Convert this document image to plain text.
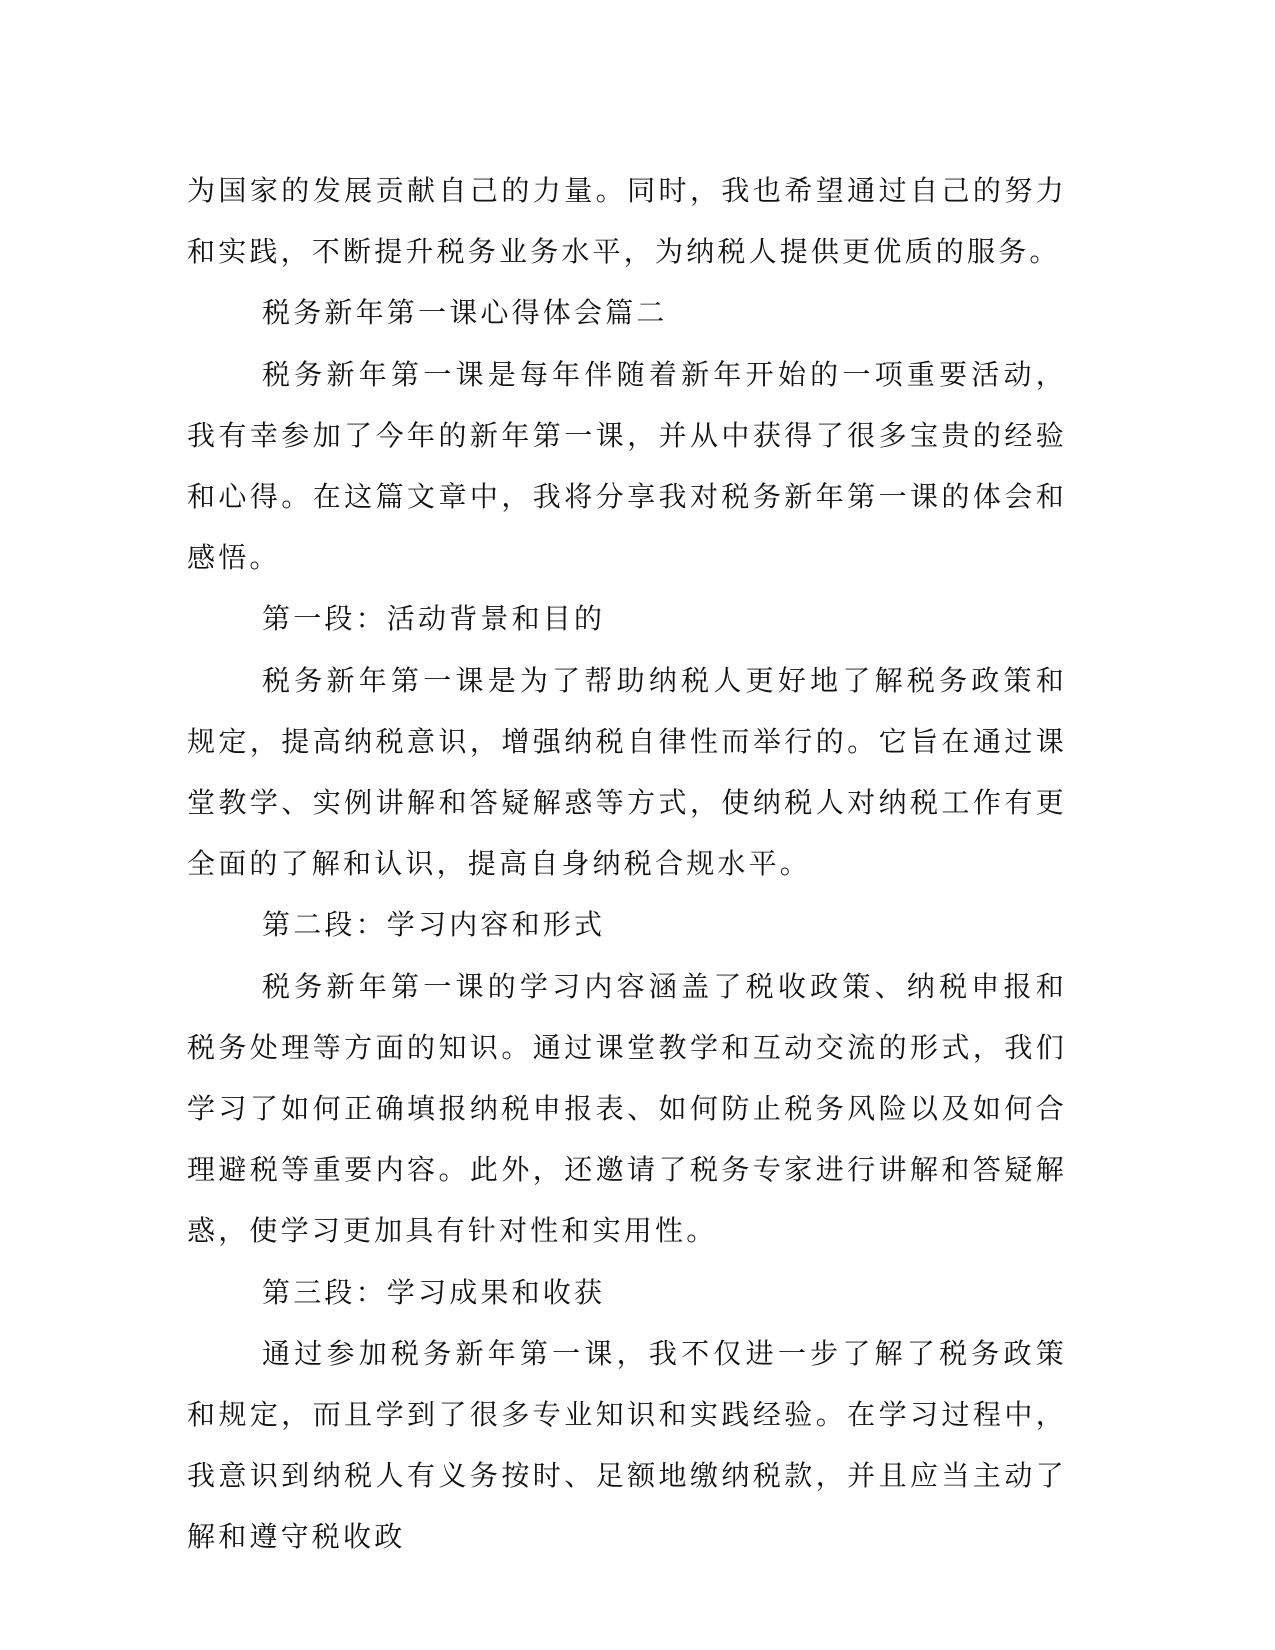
为国家的发展贡献自己的力量。同时，我也希望通过自己的努力和实践，不断提升税务业务水平，为纳税人提供更优质的服务。

税务新年第一课心得体会篇二

税务新年第一课是每年伴随着新年开始的一项重要活动，我有幸参加了今年的新年第一课，并从中获得了很多宝贵的经验和心得。在这篇文章中，我将分享我对税务新年第一课的体会和感悟。

第一段：活动背景和目的

税务新年第一课是为了帮助纳税人更好地了解税务政策和规定，提高纳税意识，增强纳税自律性而举行的。它旨在通过课堂教学、实例讲解和答疑解惑等方式，使纳税人对纳税工作有更全面的了解和认识，提高自身纳税合规水平。

第二段：学习内容和形式

税务新年第一课的学习内容涵盖了税收政策、纳税申报和税务处理等方面的知识。通过课堂教学和互动交流的形式，我们学习了如何正确填报纳税申报表、如何防止税务风险以及如何合理避税等重要内容。此外，还邀请了税务专家进行讲解和答疑解惑，使学习更加具有针对性和实用性。

第三段：学习成果和收获

通过参加税务新年第一课，我不仅进一步了解了税务政策和规定，而且学到了很多专业知识和实践经验。在学习过程中，我意识到纳税人有义务按时、足额地缴纳税款，并且应当主动了解和遵守税收政
